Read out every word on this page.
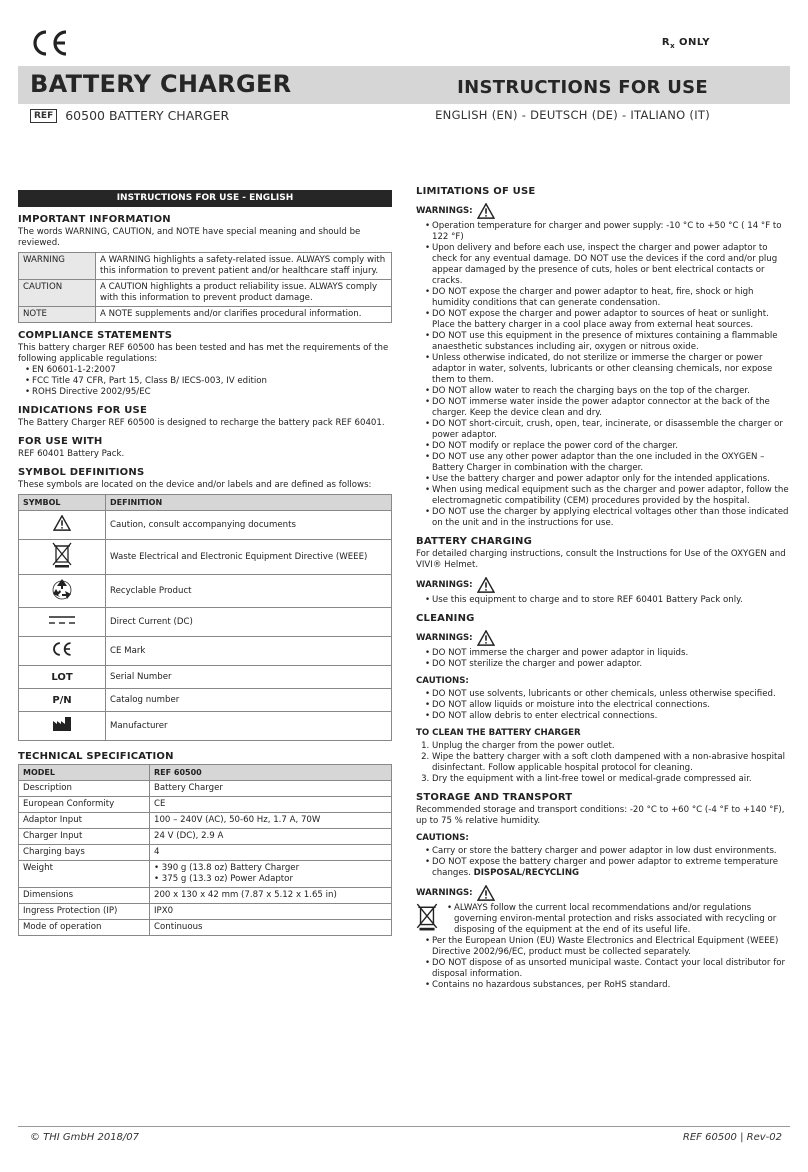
$R_x$ ONLY
BATTERY CHARGER	INSTRUCTIONS FOR USE
REF 60500 BATTERY CHARGER	ENGLISH (EN) - DEUTSCH (DE) - ITALIANO (IT)
INSTRUCTIONS FOR USE - ENGLISH
IMPORTANT INFORMATION

The words WARNING, CAUTION, and NOTE have special meaning and should be reviewed.

WARNING	A WARNING highlights a safety-related issue. ALWAYS comply with this information to prevent patient and/or healthcare staff injury.
CAUTION	A CAUTION highlights a product reliability issue. ALWAYS comply with this information to prevent product damage.
NOTE	A NOTE supplements and/or clarifies procedural information.
COMPLIANCE STATEMENTS

This battery charger REF 60500 has been tested and has met the requirements of the following applicable regulations:

• EN 60601-1-2:2007
• FCC Title 47 CFR, Part 15, Class B/ IECS-003, IV edition
• ROHS Directive 2002/95/EC
INDICATIONS FOR USE

The Battery Charger REF 60500 is designed to recharge the battery pack REF 60401.

FOR USE WITH

REF 60401 Battery Pack.

SYMBOL DEFINITIONS

These symbols are located on the device and/or labels and are defined as follows:

SYMBOL	DEFINITION
	Caution, consult accompanying documents
	Waste Electrical and Electronic Equipment Directive (WEEE)
	Recyclable Product
	Direct Current (DC)
	CE Mark
LOT	Serial Number
P/N	Catalog number
	Manufacturer
TECHNICAL SPECIFICATION
MODEL	REF 60500
Description	Battery Charger
European Conformity	CE
Adaptor Input	100 – 240V (AC), 50-60 Hz, 1.7 A, 70W
Charger Input	24 V (DC), 2.9 A
Charging bays	4
Weight	• 390 g (13.8 oz) Battery Charger
• 375 g (13.3 oz) Power Adaptor

Dimensions	200 x 130 x 42 mm (7.87 x 5.12 x 1.65 in)
Ingress Protection (IP)	IPX0
Mode of operation	Continuous
LIMITATIONS OF USE
WARNINGS:
• Operation temperature for charger and power supply: -10 °C to +50 °C ( 14 °F to 122 °F)
• Upon delivery and before each use, inspect the charger and power adaptor to check for any eventual damage. DO NOT use the devices if the cord and/or plug appear damaged by the presence of cuts, holes or bent electrical contacts or cracks.
• DO NOT expose the charger and power adaptor to heat, fire, shock or high humidity conditions that can generate condensation.
• DO NOT expose the charger and power adaptor to sources of heat or sunlight. Place the battery charger in a cool place away from external heat sources.
• DO NOT use this equipment in the presence of mixtures containing a flammable anaesthetic substances including air, oxygen or nitrous oxide.
• Unless otherwise indicated, do not sterilize or immerse the charger or power adaptor in water, solvents, lubricants or other cleansing chemicals, nor expose them to them.
• DO NOT allow water to reach the charging bays on the top of the charger.
• DO NOT immerse water inside the power adaptor connector at the back of the charger. Keep the device clean and dry.
• DO NOT short-circuit, crush, open, tear, incinerate, or disassemble the charger or power adaptor.
• DO NOT modify or replace the power cord of the charger.
• DO NOT use any other power adaptor than the one included in the OXYGEN – Battery Charger in combination with the charger.
• Use the battery charger and power adaptor only for the intended applications.
• When using medical equipment such as the charger and power adaptor, follow the electromagnetic compatibility (CEM) procedures provided by the hospital.
• DO NOT use the charger by applying electrical voltages other than those indicated on the unit and in the instructions for use.
BATTERY CHARGING

For detailed charging instructions, consult the Instructions for Use of the OXYGEN and VIVI® Helmet.

WARNINGS:
• Use this equipment to charge and to store REF 60401 Battery Pack only.
CLEANING
WARNINGS:
• DO NOT immerse the charger and power adaptor in liquids.
• DO NOT sterilize the charger and power adaptor.
CAUTIONS:
• DO NOT use solvents, lubricants or other chemicals, unless otherwise specified.
• DO NOT allow liquids or moisture into the electrical connections.
• DO NOT allow debris to enter electrical connections.
TO CLEAN THE BATTERY CHARGER
1. Unplug the charger from the power outlet.
2. Wipe the battery charger with a soft cloth dampened with a non-abrasive hospital disinfectant. Follow applicable hospital protocol for cleaning.
3. Dry the equipment with a lint-free towel or medical-grade compressed air.
STORAGE AND TRANSPORT

Recommended storage and transport conditions: -20 °C to +60 °C (-4 °F to +140 °F), up to 75 % relative humidity.

CAUTIONS:
• Carry or store the battery charger and power adaptor in low dust environments.
• DO NOT expose the battery charger and power adaptor to extreme temperature changes. DISPOSAL/RECYCLING
WARNINGS:
• ALWAYS follow the current local recommendations and/or regulations governing environ-mental protection and risks associated with recycling or disposing of the equipment at the end of its useful life.
• Per the European Union (EU) Waste Electronics and Electrical Equipment (WEEE) Directive 2002/96/EC, product must be collected separately.
• DO NOT dispose of as unsorted municipal waste. Contact your local distributor for disposal information.
• Contains no hazardous substances, per RoHS standard.
© THI GmbH 2018/07	REF 60500 | Rev-02
